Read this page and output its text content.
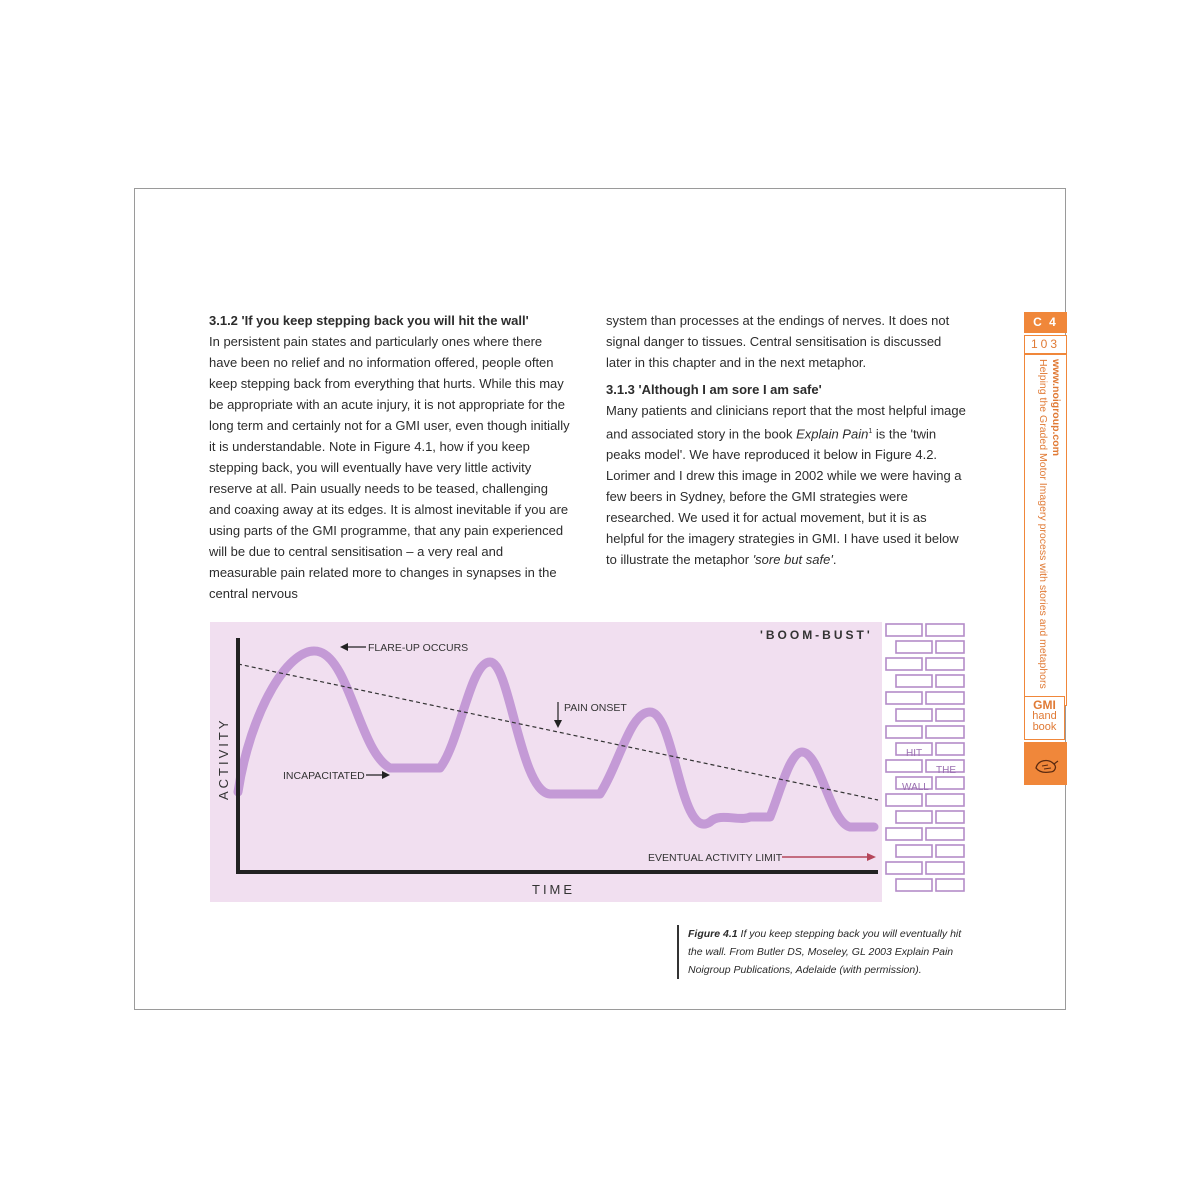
3.1.2 'If you keep stepping back you will hit the wall'

In persistent pain states and particularly ones where there have been no relief and no information offered, people often keep stepping back from everything that hurts. While this may be appropriate with an acute injury, it is not appropriate for the long term and certainly not for a GMI user, even though initially it is understandable. Note in Figure 4.1, how if you keep stepping back, you will eventually have very little activity reserve at all. Pain usually needs to be teased, challenging and coaxing away at its edges. It is almost inevitable if you are using parts of the GMI programme, that any pain experienced will be due to central sensitisation – a very real and measurable pain related more to changes in synapses in the central nervous

system than processes at the endings of nerves. It does not signal danger to tissues. Central sensitisation is discussed later in this chapter and in the next metaphor.

3.1.3 'Although I am sore I am safe'

Many patients and clinicians report that the most helpful image and associated story in the book Explain Pain$^1$ is the 'twin peaks model'. We have reproduced it below in Figure 4.2. Lorimer and I drew this image in 2002 while we were having a few beers in Sydney, before the GMI strategies were researched. We used it for actual movement, but it is as helpful for the imagery strategies in GMI. I have used it below to illustrate the metaphor 'sore but safe'.

C 4
103
www.noigroup.com
Helping the Graded Motor Imagery process with stories and metaphors
GMI
hand
book
HIT
THE
WALL
ACTIVITY
TIME
'BOOM-BUST'
FLARE-UP OCCURS
PAIN ONSET
INCAPACITATED
EVENTUAL ACTIVITY LIMIT
Figure 4.1 If you keep stepping back you will eventually hit the wall. From Butler DS, Moseley, GL 2003 Explain Pain Noigroup Publications, Adelaide (with permission).
